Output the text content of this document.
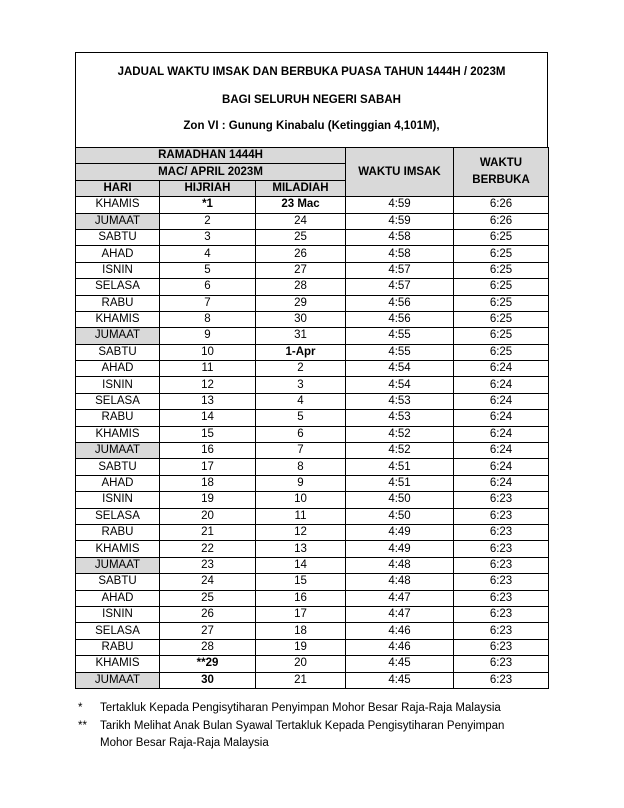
JADUAL WAKTU IMSAK DAN BERBUKA PUASA TAHUN 1444H / 2023M
BAGI SELURUH NEGERI SABAH
Zon VI : Gunung Kinabalu (Ketinggian 4,101M),
RAMADHAN 1444H			WAKTU IMSAK	WAKTU BERBUKA
MAC/ APRIL 2023M				
HARI	HIJRIAH	MILADIAH		
KHAMIS	*1	23 Mac	4:59	6:26
JUMAAT	2	24	4:59	6:26
SABTU	3	25	4:58	6:25
AHAD	4	26	4:58	6:25
ISNIN	5	27	4:57	6:25
SELASA	6	28	4:57	6:25
RABU	7	29	4:56	6:25
KHAMIS	8	30	4:56	6:25
JUMAAT	9	31	4:55	6:25
SABTU	10	1-Apr	4:55	6:25
AHAD	11	2	4:54	6:24
ISNIN	12	3	4:54	6:24
SELASA	13	4	4:53	6:24
RABU	14	5	4:53	6:24
KHAMIS	15	6	4:52	6:24
JUMAAT	16	7	4:52	6:24
SABTU	17	8	4:51	6:24
AHAD	18	9	4:51	6:24
ISNIN	19	10	4:50	6:23
SELASA	20	11	4:50	6:23
RABU	21	12	4:49	6:23
KHAMIS	22	13	4:49	6:23
JUMAAT	23	14	4:48	6:23
SABTU	24	15	4:48	6:23
AHAD	25	16	4:47	6:23
ISNIN	26	17	4:47	6:23
SELASA	27	18	4:46	6:23
RABU	28	19	4:46	6:23
KHAMIS	**29	20	4:45	6:23
JUMAAT	30	21	4:45	6:23
*	Tertakluk Kepada Pengisytiharan Penyimpan Mohor Besar Raja-Raja Malaysia
**	Tarikh Melihat Anak Bulan Syawal Tertakluk Kepada Pengisytiharan Penyimpan Mohor Besar Raja-Raja Malaysia
